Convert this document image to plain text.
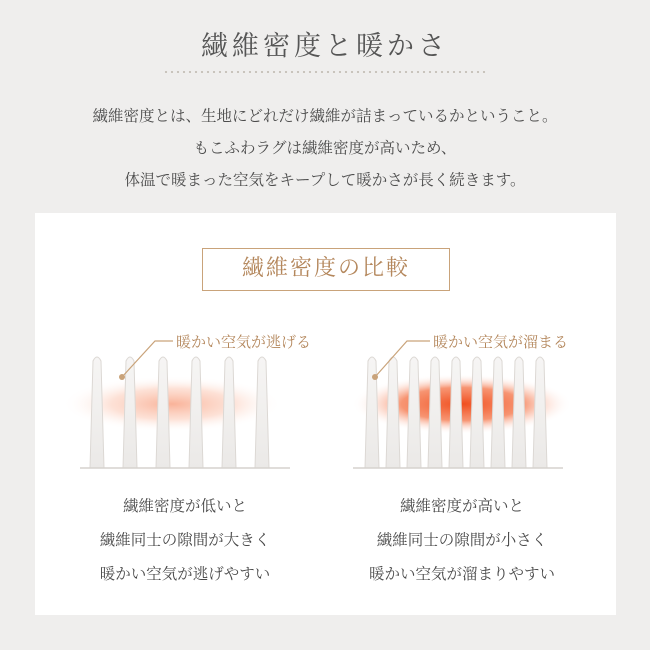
繊維密度と暖かさ
繊維密度とは、生地にどれだけ繊維が詰まっているかということ。
もこふわラグは繊維密度が高いため、
体温で暖まった空気をキープして暖かさが長く続きます。
繊維密度の比較
暖かい空気が逃げる	暖かい空気が溜まる
繊維密度が低いと
繊維同士の隙間が大きく
暖かい空気が逃げやすい
繊維密度が高いと
繊維同士の隙間が小さく
暖かい空気が溜まりやすい
